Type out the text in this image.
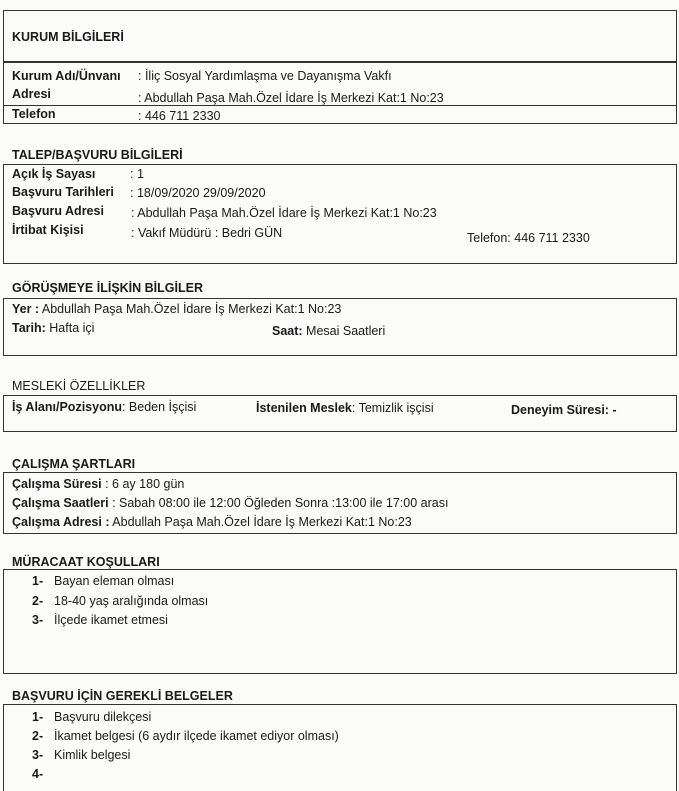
KURUM BİLGİLERİ
Kurum Adı/Ünvanı : İliç Sosyal Yardımlaşma ve Dayanışma Vakfı
Adresi	: Abdullah Paşa Mah.Özel İdare İş Merkezi Kat:1 No:23
Telefon	: 446 711 2330
TALEP/BAŞVURU BİLGİLERİ
Açık İş Sayası	: 1
Başvuru Tarihleri : 18/09/2020 29/09/2020
Başvuru Adresi : Abdullah Paşa Mah.Özel İdare İş Merkezi Kat:1 No:23
İrtibat Kişisi	: Vakıf Müdürü : Bedri GÜN	Telefon: 446 711 2330
GÖRÜŞMEYE İLİŞKİN BİLGİLER
Yer : Abdullah Paşa Mah.Özel İdare İş Merkezi Kat:1 No:23
Tarih: Hafta içi	Saat: Mesai Saatleri
MESLEKİ ÖZELLİKLER
İş Alanı/Pozisyonu: Beden İşçisi	İstenilen Meslek: Temizlik işçisi	Deneyim Süresi: -
ÇALIŞMA ŞARTLARI
Çalışma Süresi : 6 ay 180 gün
Çalışma Saatleri : Sabah 08:00 ile 12:00 Öğleden Sonra :13:00 ile 17:00 arası
Çalışma Adresi : Abdullah Paşa Mah.Özel İdare İş Merkezi Kat:1 No:23
MÜRACAAT KOŞULLARI
1- Bayan eleman olması
2- 18-40 yaş aralığında olması
3- İlçede ikamet etmesi
BAŞVURU İÇİN GEREKLİ BELGELER
1- Başvuru dilekçesi
2- İkamet belgesi (6 aydır ilçede ikamet ediyor olması)
3- Kimlik belgesi
4-
